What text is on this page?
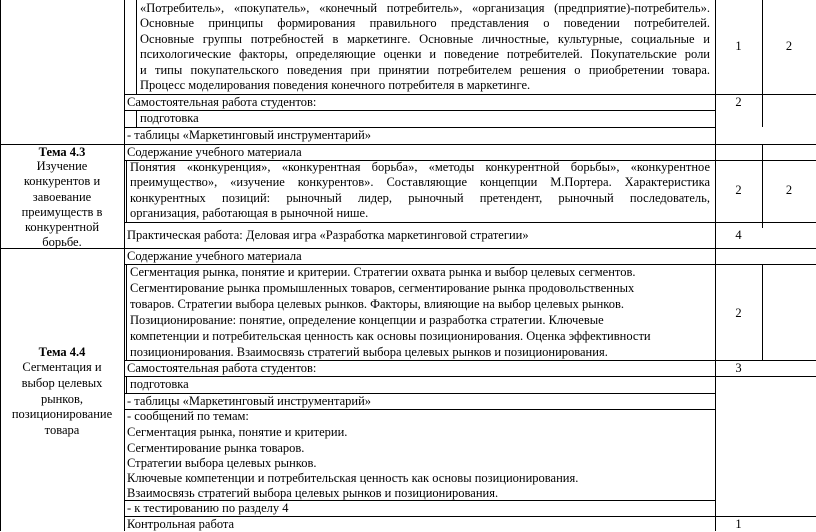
«Потребитель», «покупатель», «конечный потребитель», «организация (предприятие)-потребитель».
Основные принципы формирования правильного представления о поведении потребителей.
Основные группы потребностей в маркетинге. Основные личностные, культурные, социальные и
психологические факторы, определяющие оценки и поведение потребителей. Покупательские роли
и типы покупательского поведения при принятии потребителем решения о приобретении товара.
Процесс моделирования поведения конечного потребителя в маркетинге.
1	2
Самостоятельная работа студентов:	2
подготовка
- таблицы «Маркетинговый инструментарий»
Тема 4.3
Изучение
конкурентов и
завоевание
преимуществ в
конкурентной
борьбе.
Содержание учебного материала
Понятия «конкуренция», «конкурентная борьба», «методы конкурентной борьбы», «конкурентное
преимущество», «изучение конкурентов». Составляющие концепции М.Портера. Характеристика
конкурентных позиций: рыночный лидер, рыночный претендент, рыночный последователь,
организация, работающая в рыночной нише.
2	2
Практическая работа: Деловая игра «Разработка маркетинговой стратегии»	4
Тема 4.4
Сегментация и
выбор целевых
рынков,
позиционирование
товара
Содержание учебного материала
Сегментация рынка, понятие и критерии. Стратегии охвата рынка и выбор целевых сегментов.
Сегментирование рынка промышленных товаров, сегментирование рынка продовольственных
товаров. Стратегии выбора целевых рынков. Факторы, влияющие на выбор целевых рынков.
Позиционирование: понятие, определение концепции и разработка стратегии. Ключевые
компетенции и потребительская ценность как основы позиционирования. Оценка эффективности
позиционирования. Взаимосвязь стратегий выбора целевых рынков и позиционирования.
2
Самостоятельная работа студентов:	3
подготовка
- таблицы «Маркетинговый инструментарий»
- сообщений по темам:
Сегментация рынка, понятие и критерии.
Сегментирование рынка товаров.
Стратегии выбора целевых рынков.
Ключевые компетенции и потребительская ценность как основы позиционирования.
Взаимосвязь стратегий выбора целевых рынков и позиционирования.
- к тестированию по разделу 4
Контрольная работа	1
